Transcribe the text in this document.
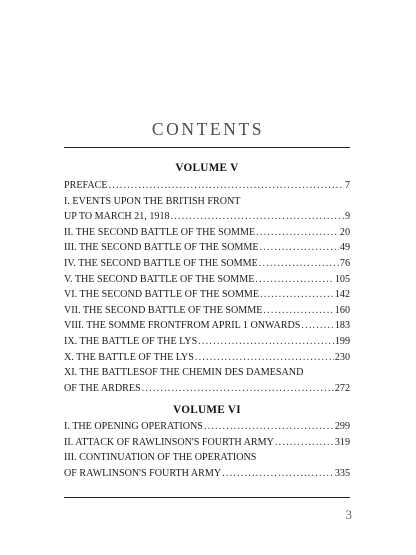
CONTENTS
VOLUME V
PREFACE .....	7
I. EVENTS UPON THE BRITISH FRONT
UP TO MARCH 21, 1918 .....	9
II. THE SECOND BATTLE OF THE SOMME .....	20
III. THE SECOND BATTLE OF THE SOMME .....	49
IV. THE SECOND BATTLE OF THE SOMME .....	76
V. THE SECOND BATTLE OF THE SOMME .....	105
VI. THE SECOND BATTLE OF THE SOMME .....	142
VII. THE SECOND BATTLE OF THE SOMME .....	160
VIII. THE SOMME FRONTFROM APRIL 1 ONWARDS .....	183
IX. THE BATTLE OF THE LYS .....	199
X. THE BATTLE OF THE LYS .....	230
XI. THE BATTLESOF THE CHEMIN DES DAMESAND
OF THE ARDRES .....	272
VOLUME VI
I. THE OPENING OPERATIONS .....	299
II. ATTACK OF RAWLINSON'S FOURTH ARMY .....	319
III. CONTINUATION OF THE OPERATIONS
OF RAWLINSON'S FOURTH ARMY .....	335
3
